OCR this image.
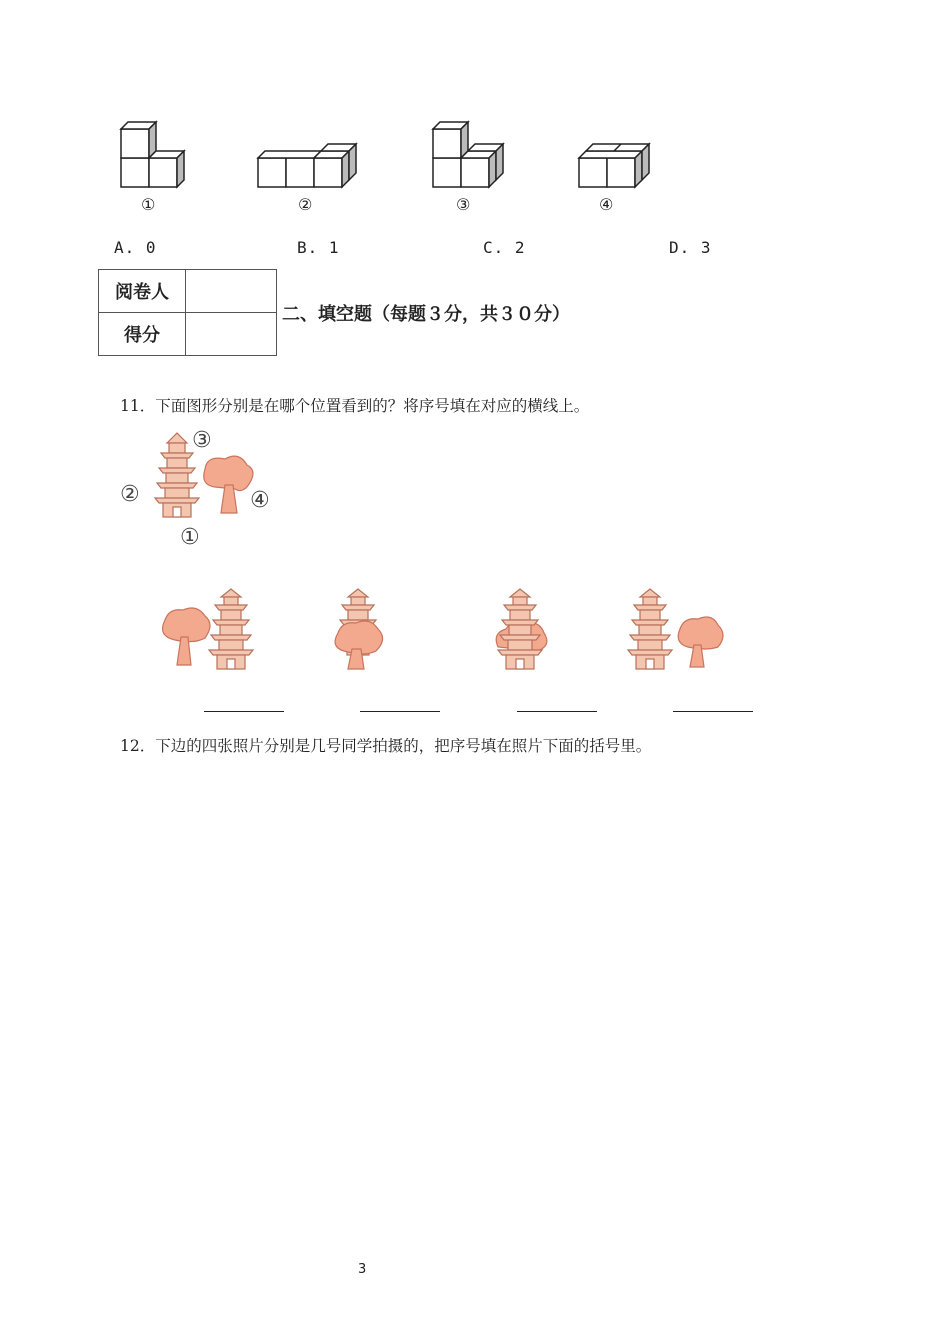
①	②	③	④
A. 0	B. 1	C. 2	D. 3
阅卷人	
得分	
二、填空题（每题３分，共３０分）
11．下面图形分别是在哪个位置看到的？将序号填在对应的横线上。
③
②	④
①
12．下边的四张照片分别是几号同学拍摄的，把序号填在照片下面的括号里。
3
